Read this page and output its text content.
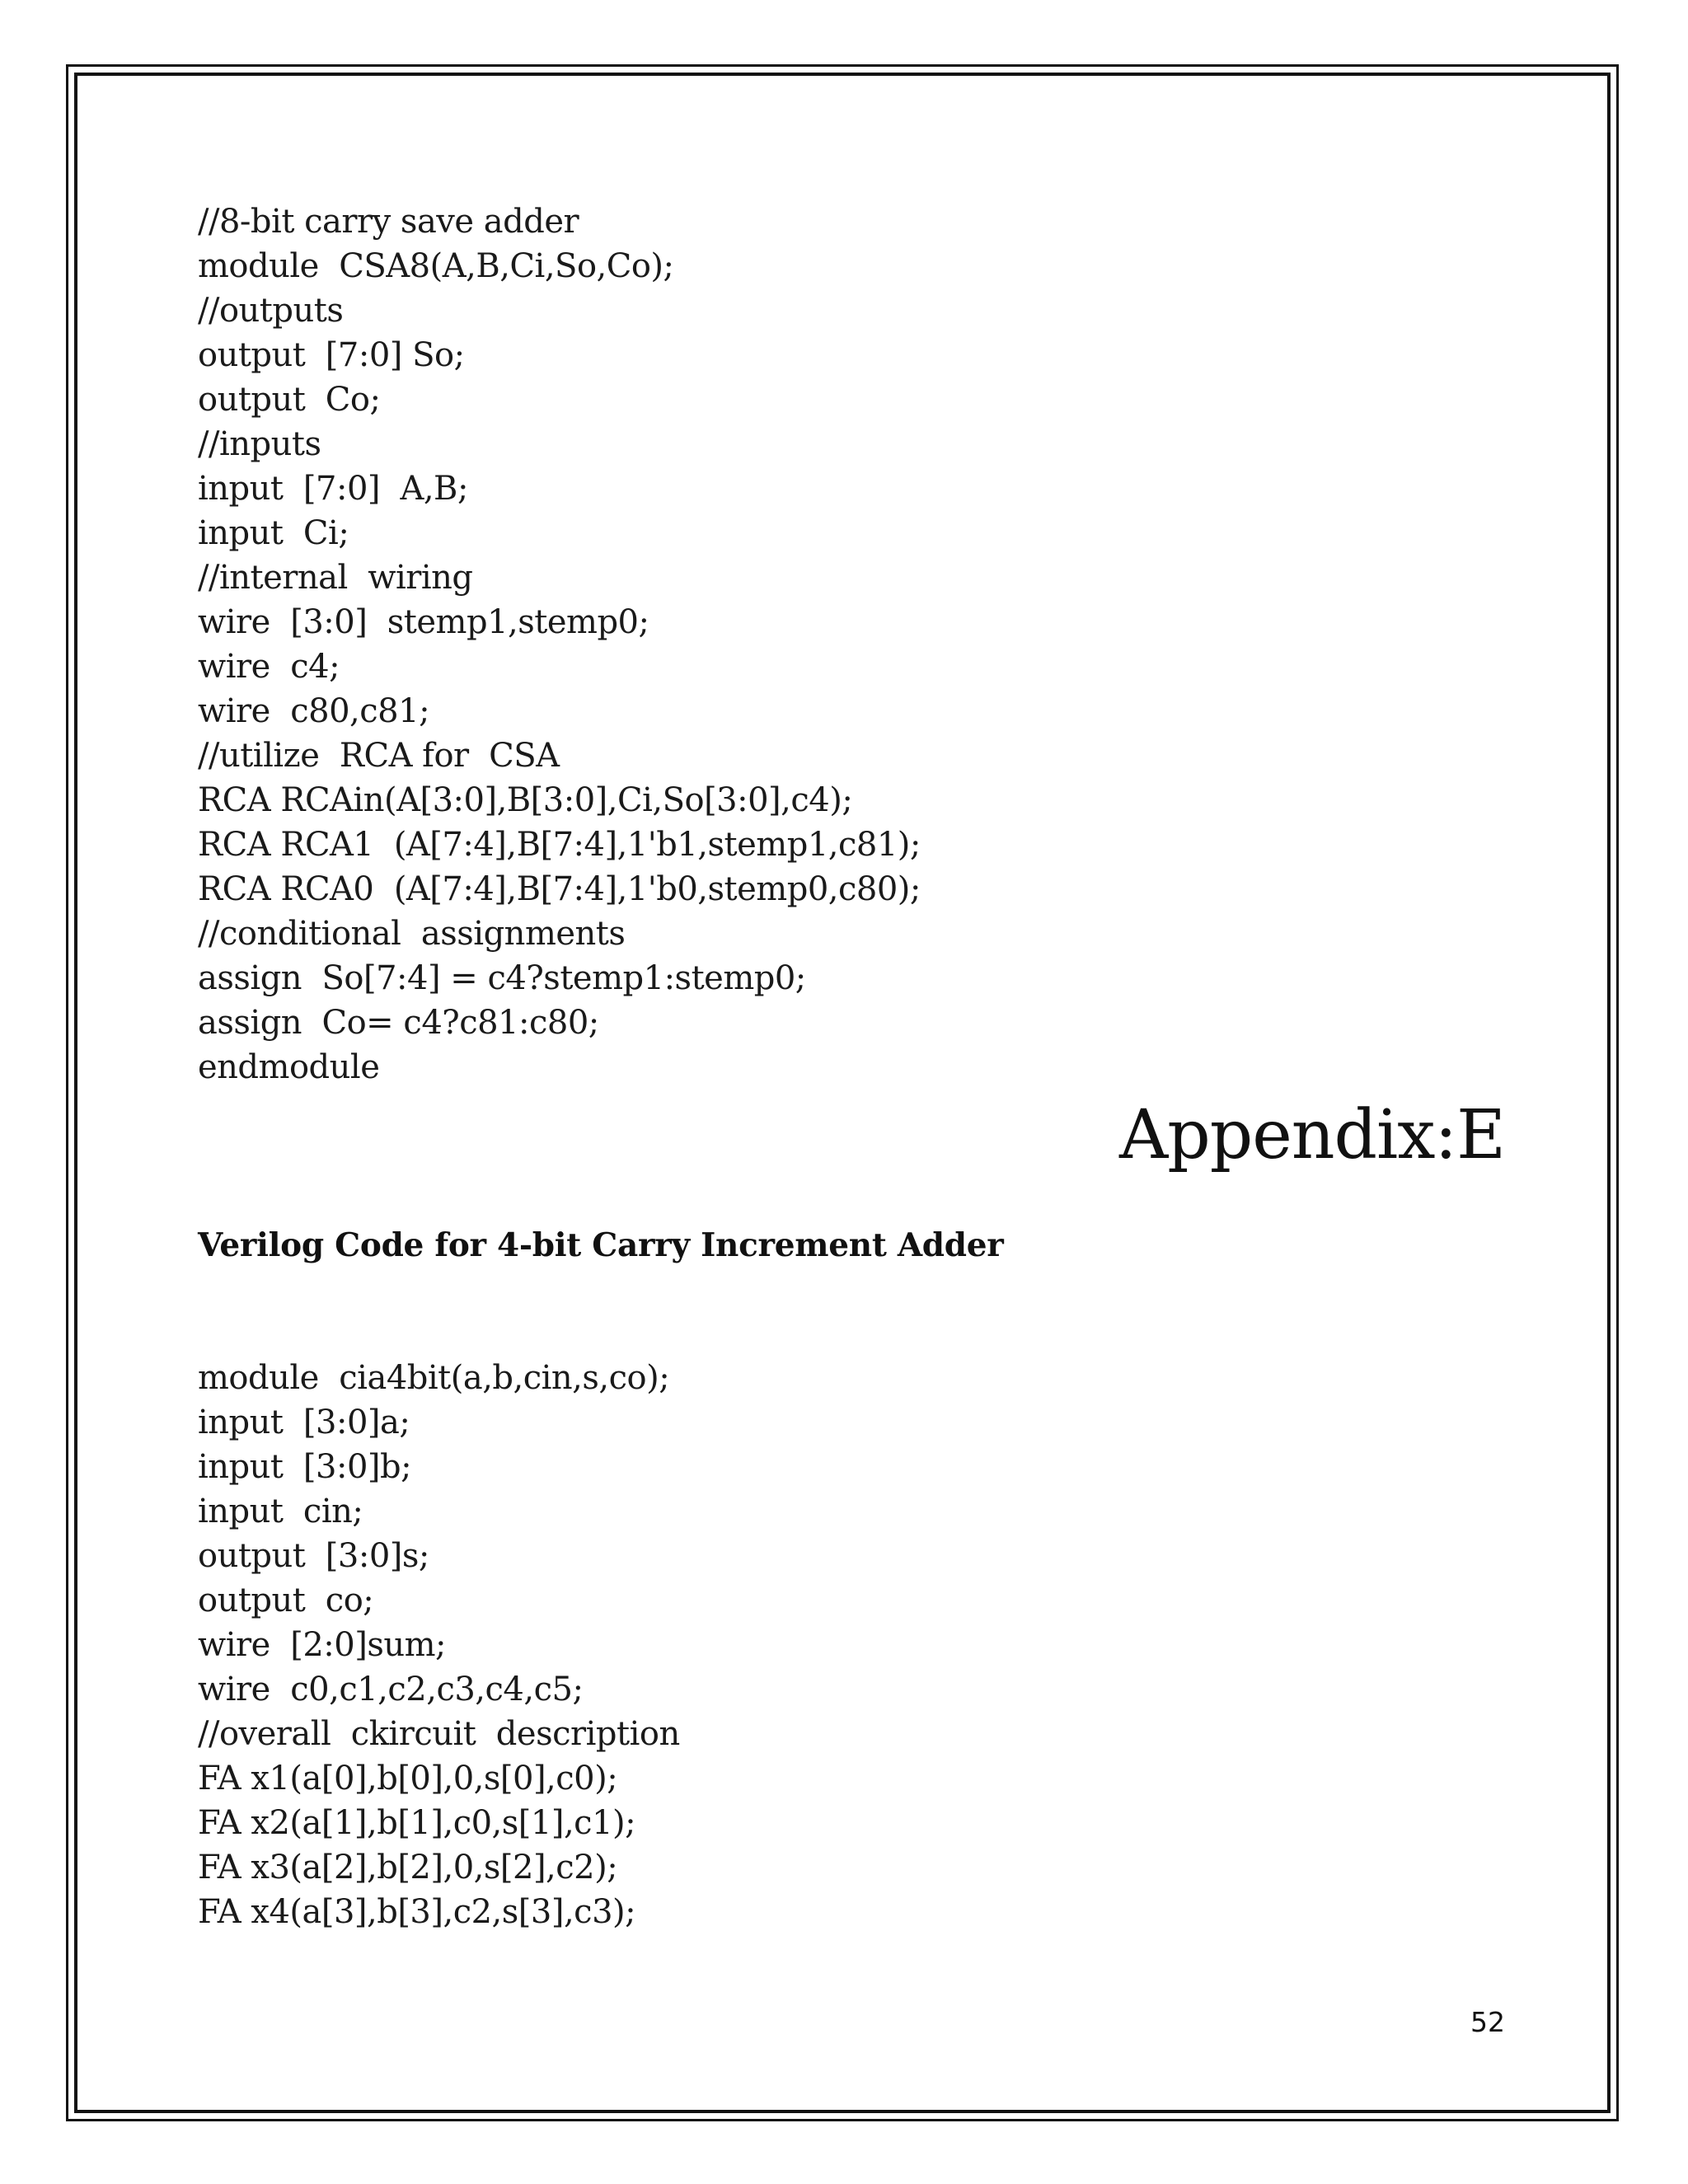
//8-bit carry save adder
module  CSA8(A,B,Ci,So,Co);
//outputs
output  [7:0] So;
output  Co;
//inputs
input  [7:0]  A,B;
input  Ci;
//internal  wiring
wire  [3:0]  stemp1,stemp0;
wire  c4;
wire  c80,c81;
//utilize  RCA for  CSA
RCA RCAin(A[3:0],B[3:0],Ci,So[3:0],c4);
RCA RCA1  (A[7:4],B[7:4],1'b1,stemp1,c81);
RCA RCA0  (A[7:4],B[7:4],1'b0,stemp0,c80);
//conditional  assignments
assign  So[7:4] = c4?stemp1:stemp0;
assign  Co= c4?c81:c80;
endmodule
Appendix:E
Verilog Code for 4-bit Carry Increment Adder
module  cia4bit(a,b,cin,s,co);
input  [3:0]a;
input  [3:0]b;
input  cin;
output  [3:0]s;
output  co;
wire  [2:0]sum;
wire  c0,c1,c2,c3,c4,c5;
//overall  ckircuit  description
FA x1(a[0],b[0],0,s[0],c0);
FA x2(a[1],b[1],c0,s[1],c1);
FA x3(a[2],b[2],0,s[2],c2);
FA x4(a[3],b[3],c2,s[3],c3);
52
